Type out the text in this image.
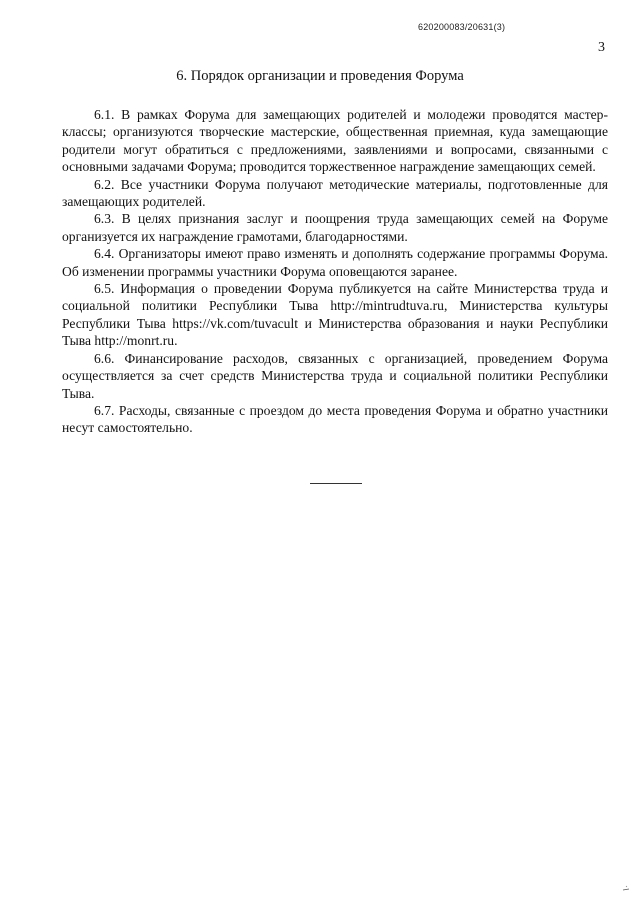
620200083/20631(3)
3
6. Порядок организации и проведения Форума

6.1. В рамках Форума для замещающих родителей и молодежи проводятся мастер-классы; организуются творческие мастерские, общественная приемная, куда замещающие родители могут обратиться с предложениями, заявлениями и вопросами, связанными с основными задачами Форума; проводится торжественное награждение замещающих семей.

6.2. Все участники Форума получают методические материалы, подготовленные для замещающих родителей.

6.3. В целях признания заслуг и поощрения труда замещающих семей на Форуме организуется их награждение грамотами, благодарностями.

6.4. Организаторы имеют право изменять и дополнять содержание программы Форума. Об изменении программы участники Форума оповещаются заранее.

6.5. Информация о проведении Форума публикуется на сайте Министерства труда и социальной политики Республики Тыва http://mintrudtuva.ru, Министерства культуры Республики Тыва https://vk.com/tuvacult и Министерства образования и науки Республики Тыва http://monrt.ru.

6.6. Финансирование расходов, связанных с организацией, проведением Форума осуществляется за счет средств Министерства труда и социальной политики Республики Тыва.

6.7. Расходы, связанные с проездом до места проведения Форума и обратно участники несут самостоятельно.
